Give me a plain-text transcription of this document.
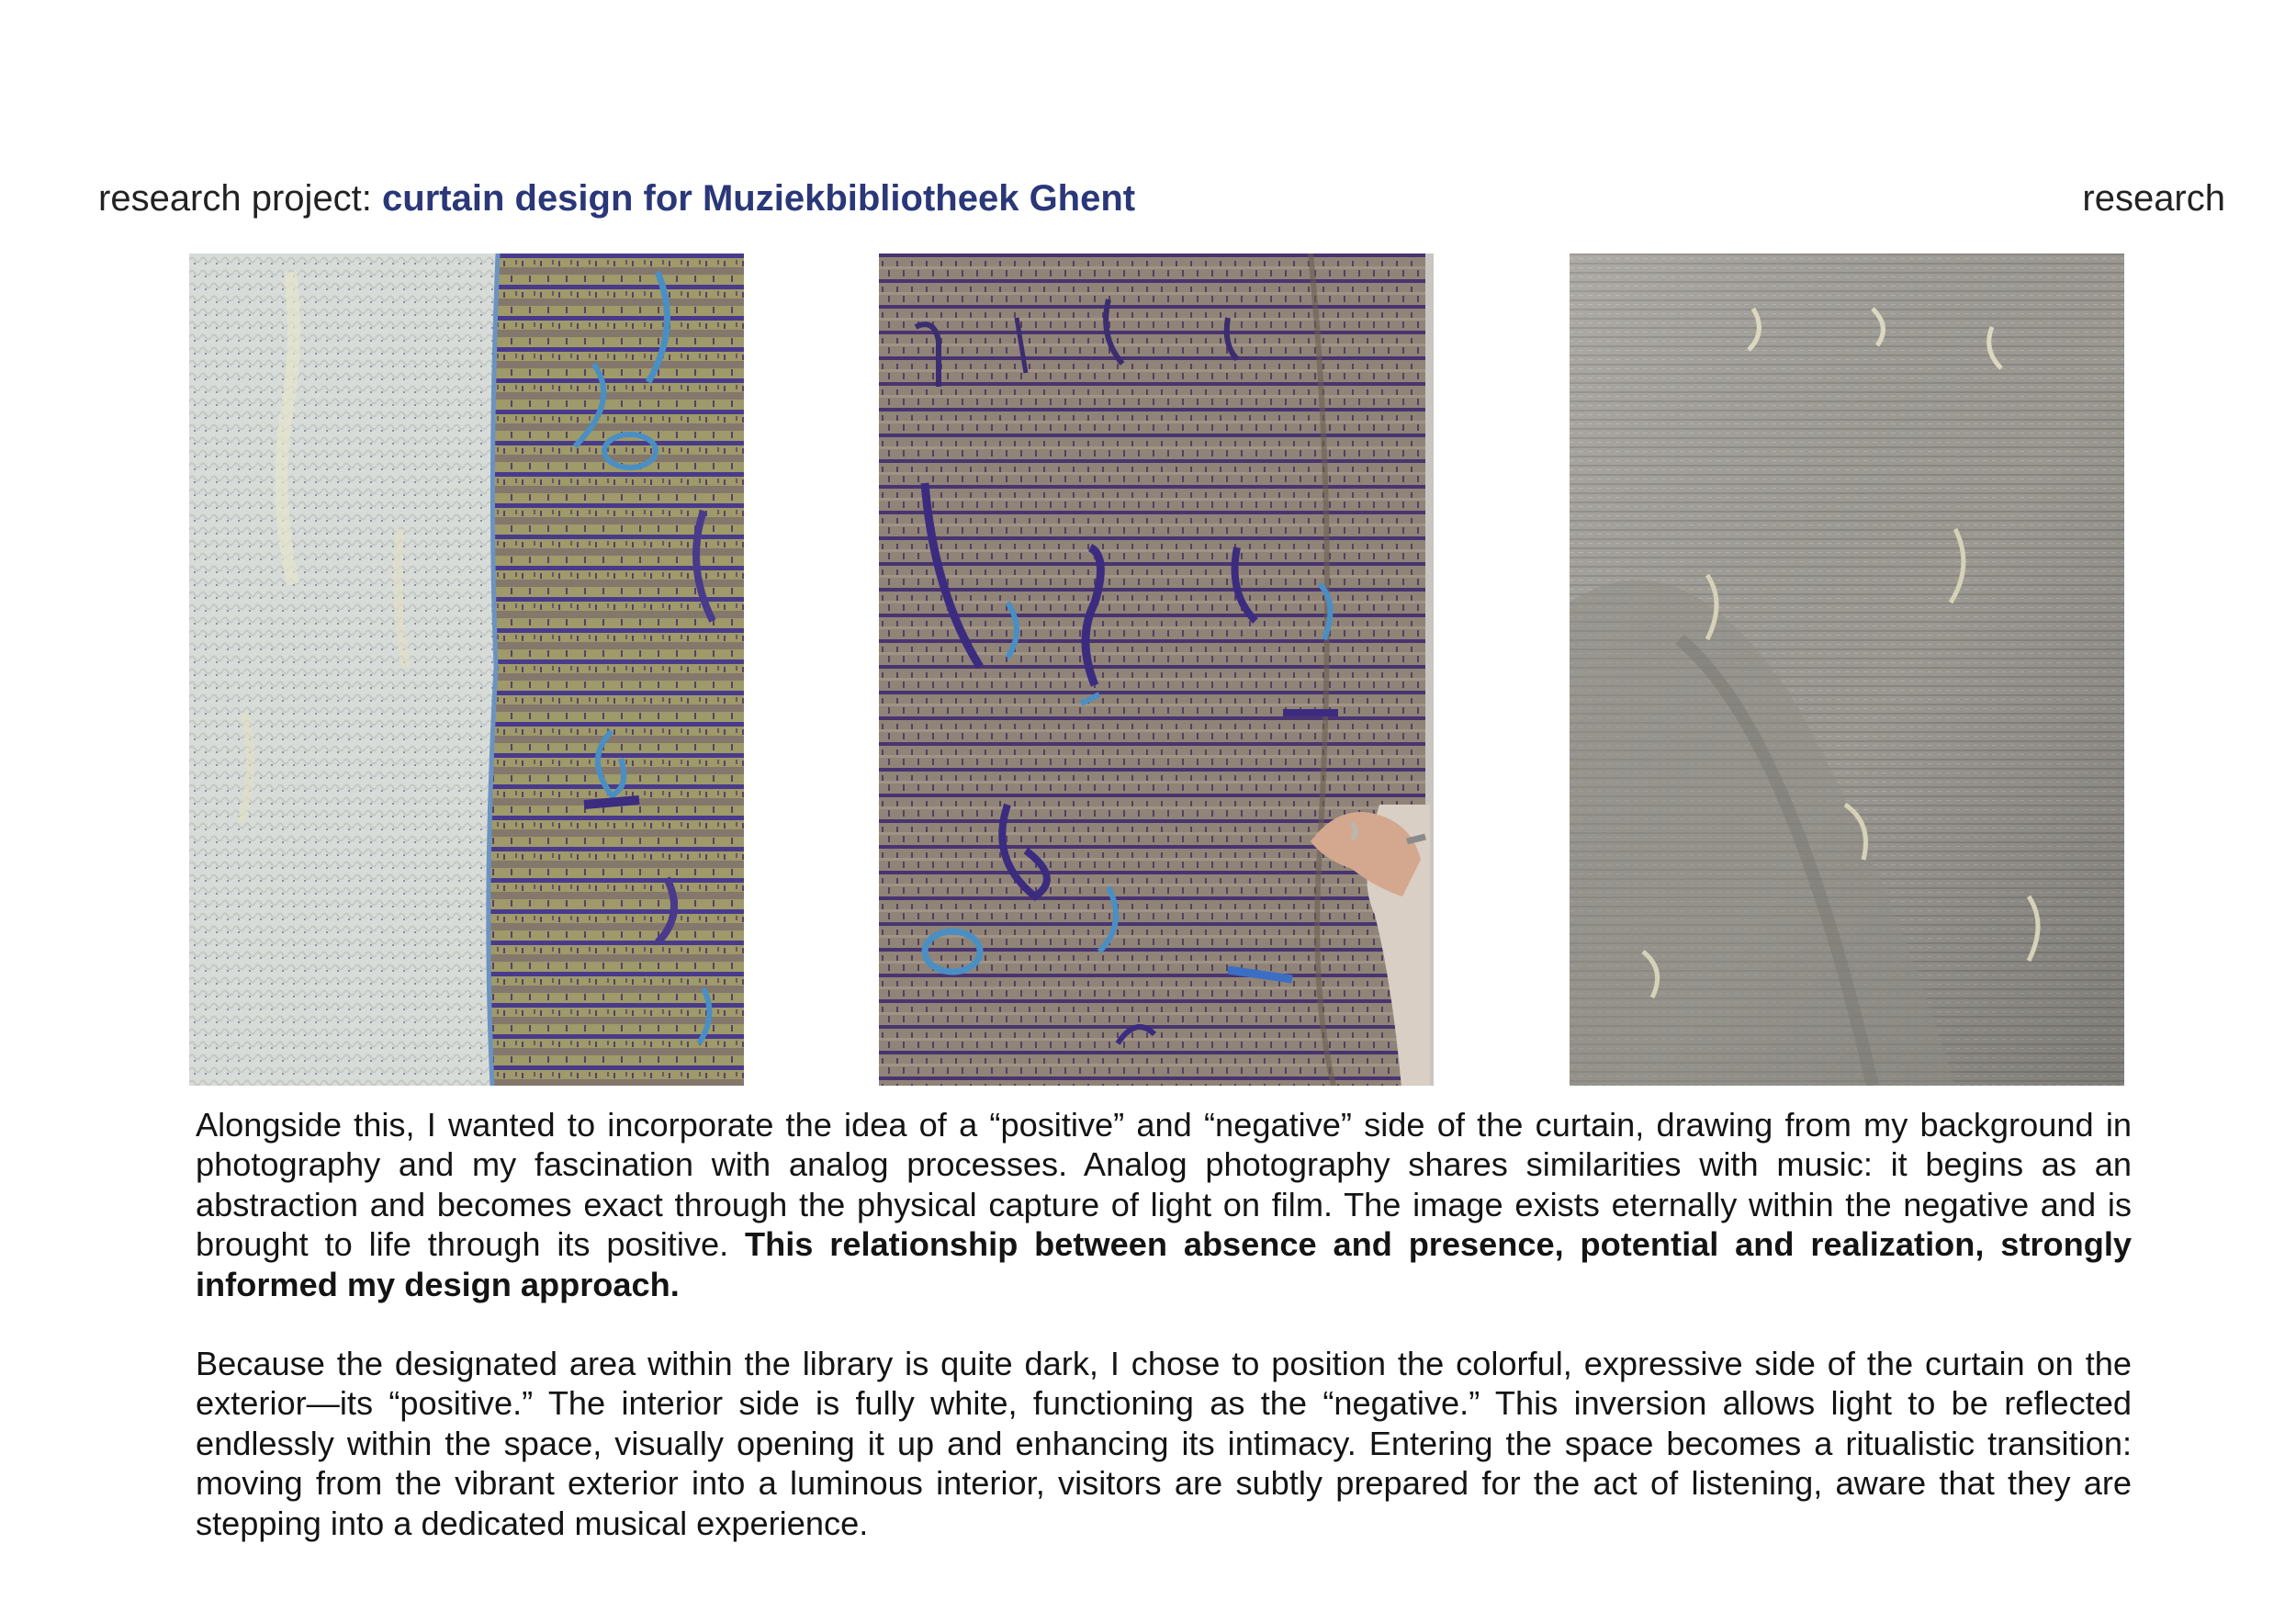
research project: curtain design for Muziekbibliotheek Ghent	research

Alongside this, I wanted to incorporate the idea of a “positive” and “negative” side of the curtain, drawing from my background in photography and my fascination with analog processes. Analog photography shares similarities with music: it begins as an abstraction and becomes exact through the physical capture of light on film. The image exists eternally within the negative and is brought to life through its positive. This relationship between absence and presence, potential and realization, strongly informed my design approach.

Because the designated area within the library is quite dark, I chose to position the colorful, expressive side of the curtain on the exterior—its “positive.” The interior side is fully white, functioning as the “negative.” This inversion allows light to be reflected endlessly within the space, visually opening it up and enhancing its intimacy. Entering the space becomes a ritualistic transition: moving from the vibrant exterior into a luminous interior, visitors are subtly prepared for the act of listening, aware that they are stepping into a dedicated musical experience.
